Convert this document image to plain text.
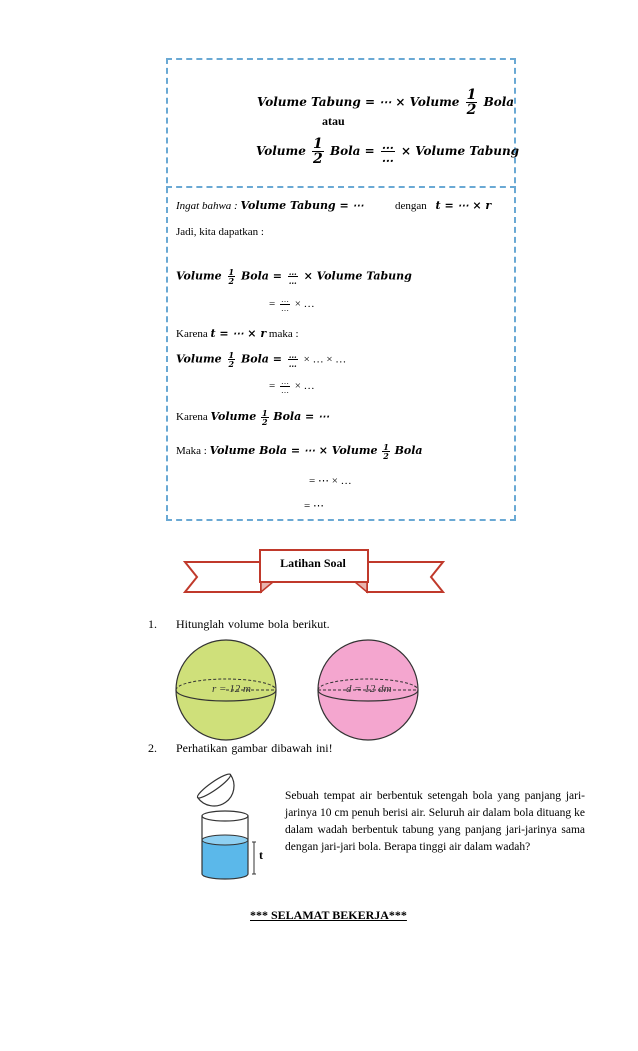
Volume Tabung = ⋯ × Volume $\frac{1}{2}$ Bola
atau
Volume $\frac{1}{2}$ Bola = $\frac{\dots}{\dots}$ × Volume Tabung
Ingat bahwa : Volume Tabung = ⋯	dengan t = ⋯ × r
Jadi, kita dapatkan :
Volume $\frac{1}{2}$ Bola = $\frac{\dots}{\dots}$ × Volume Tabung
= $\frac{\dots}{\dots}$ × …
Karena t = ⋯ × r maka :
Volume $\frac{1}{2}$ Bola = $\frac{\dots}{\dots}$ × … × …
= $\frac{\dots}{\dots}$ × …
Karena Volume $\frac{1}{2}$ Bola = ⋯
Maka : Volume Bola = ⋯ × Volume $\frac{1}{2}$ Bola
= ⋯ × …
= ⋯
Latihan Soal
1. Hitunglah volume bola berikut.
r = 12 m	d = 12 dm
2. Perhatikan gambar dibawah ini!
t
Sebuah tempat air berbentuk setengah bola yang panjang jari-jarinya 10 cm penuh berisi air. Seluruh air dalam bola dituang ke dalam wadah berbentuk tabung yang panjang jari-jarinya sama dengan jari-jari bola. Berapa tinggi air dalam wadah?
*** SELAMAT BEKERJA***
